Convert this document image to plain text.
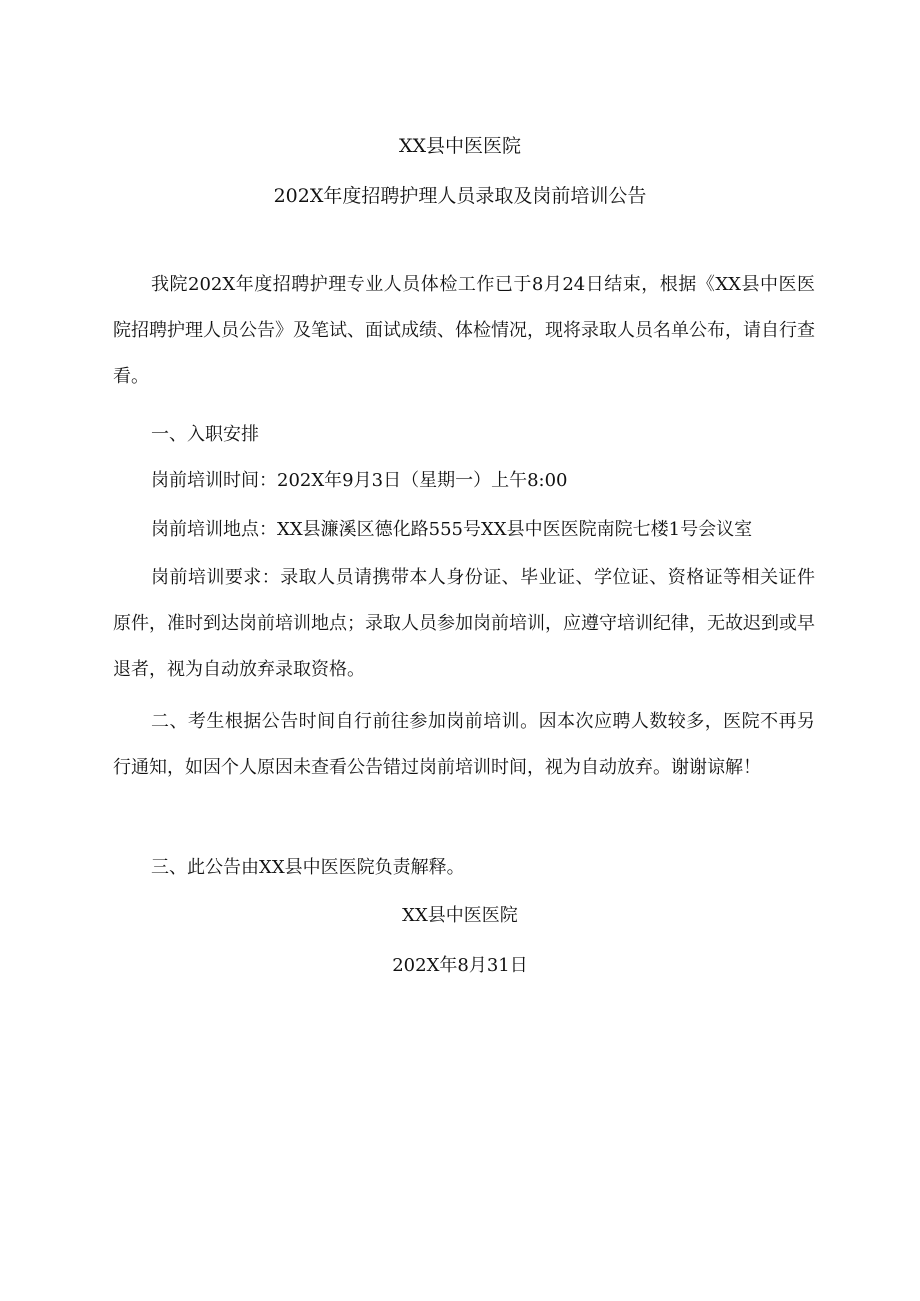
XX县中医医院
202X年度招聘护理人员录取及岗前培训公告

我院202X年度招聘护理专业人员体检工作已于8月24日结束，根据《XX县中医医院招聘护理人员公告》及笔试、面试成绩、体检情况，现将录取人员名单公布，请自行查看。

一、入职安排

岗前培训时间：202X年9月3日（星期一）上午8:00

岗前培训地点：XX县濂溪区德化路555号XX县中医医院南院七楼1号会议室

岗前培训要求：录取人员请携带本人身份证、毕业证、学位证、资格证等相关证件原件，准时到达岗前培训地点；录取人员参加岗前培训，应遵守培训纪律，无故迟到或早退者，视为自动放弃录取资格。

二、考生根据公告时间自行前往参加岗前培训。因本次应聘人数较多，医院不再另行通知，如因个人原因未查看公告错过岗前培训时间，视为自动放弃。谢谢谅解！

三、此公告由XX县中医医院负责解释。

XX县中医医院
202X年8月31日
